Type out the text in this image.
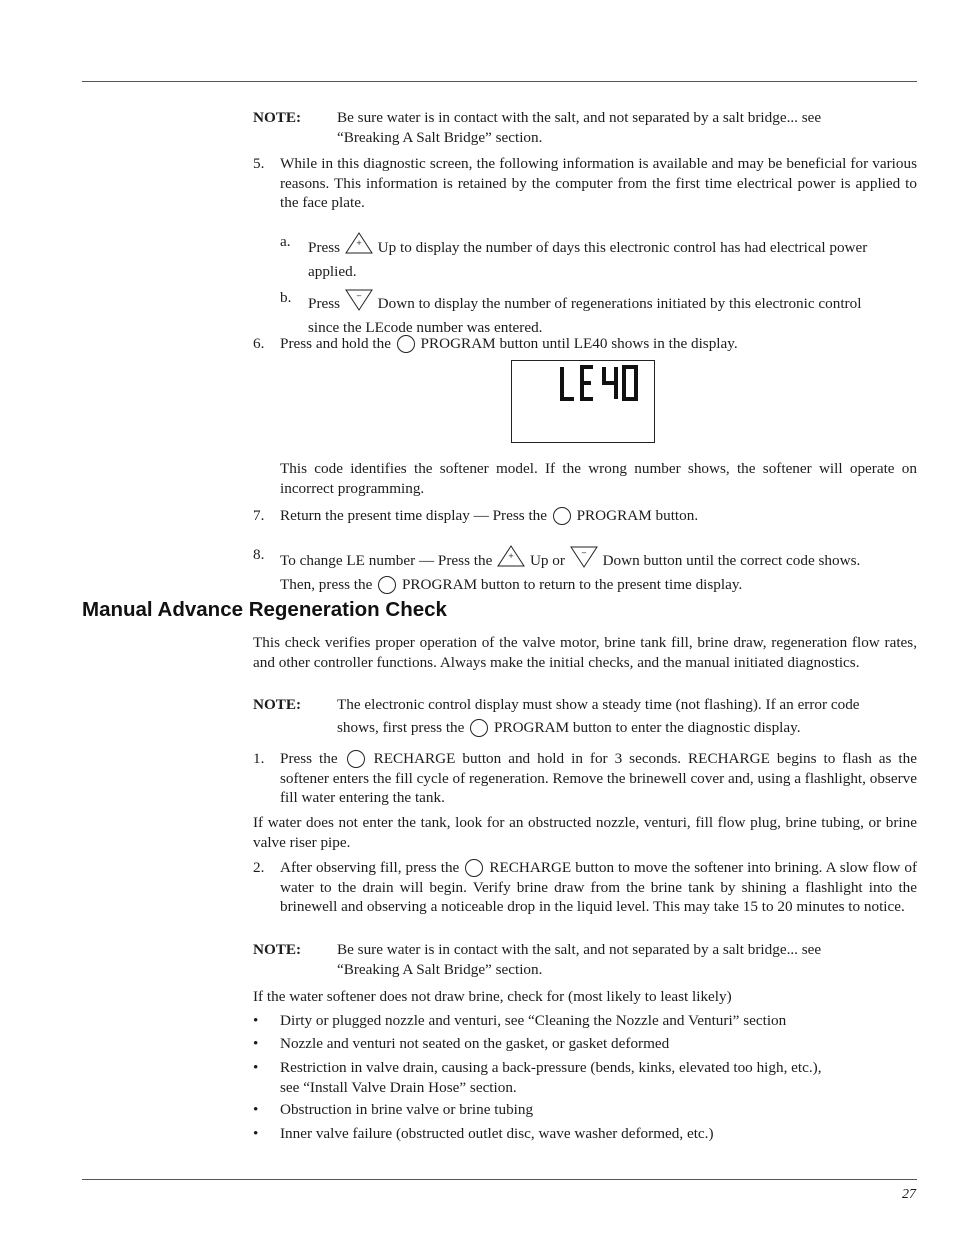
NOTE: Be sure water is in contact with the salt, and not separated by a salt bridge... see
“Breaking A Salt Bridge” section.
5. While in this diagnostic screen, the following information is available and may be beneficial for various reasons. This information is retained by the computer from the first time electrical power is applied to the face plate.
a. Press + Up to display the number of days this electronic control has had electrical power
applied.
b. Press − Down to display the number of regenerations initiated by this electronic control
since the LEcode number was entered.
6. Press and hold the PROGRAM button until LE40 shows in the display.
This code identifies the softener model. If the wrong number shows, the softener will operate on incorrect programming.
7. Return the present time display — Press the PROGRAM button.
8. To change LE number — Press the + Up or − Down button until the correct code shows.
Then, press the PROGRAM button to return to the present time display.
Manual Advance Regeneration Check
This check verifies proper operation of the valve motor, brine tank fill, brine draw, regeneration flow rates, and other controller functions. Always make the initial checks, and the manual initiated diagnostics.
NOTE: The electronic control display must show a steady time (not flashing). If an error code
shows, first press the PROGRAM button to enter the diagnostic display.
1. Press the RECHARGE button and hold in for 3 seconds. RECHARGE begins to flash as the softener enters the fill cycle of regeneration. Remove the brinewell cover and, using a flashlight, observe fill water entering the tank.
If water does not enter the tank, look for an obstructed nozzle, venturi, fill flow plug, brine tubing, or brine valve riser pipe.
2. After observing fill, press the RECHARGE button to move the softener into brining. A slow flow of water to the drain will begin. Verify brine draw from the brine tank by shining a flashlight into the brinewell and observing a noticeable drop in the liquid level. This may take 15 to 20 minutes to notice.
NOTE: Be sure water is in contact with the salt, and not separated by a salt bridge... see
“Breaking A Salt Bridge” section.
If the water softener does not draw brine, check for (most likely to least likely)
• Dirty or plugged nozzle and venturi, see “Cleaning the Nozzle and Venturi” section
• Nozzle and venturi not seated on the gasket, or gasket deformed
• Restriction in valve drain, causing a back-pressure (bends, kinks, elevated too high, etc.),
see “Install Valve Drain Hose” section.
• Obstruction in brine valve or brine tubing
• Inner valve failure (obstructed outlet disc, wave washer deformed, etc.)
27
